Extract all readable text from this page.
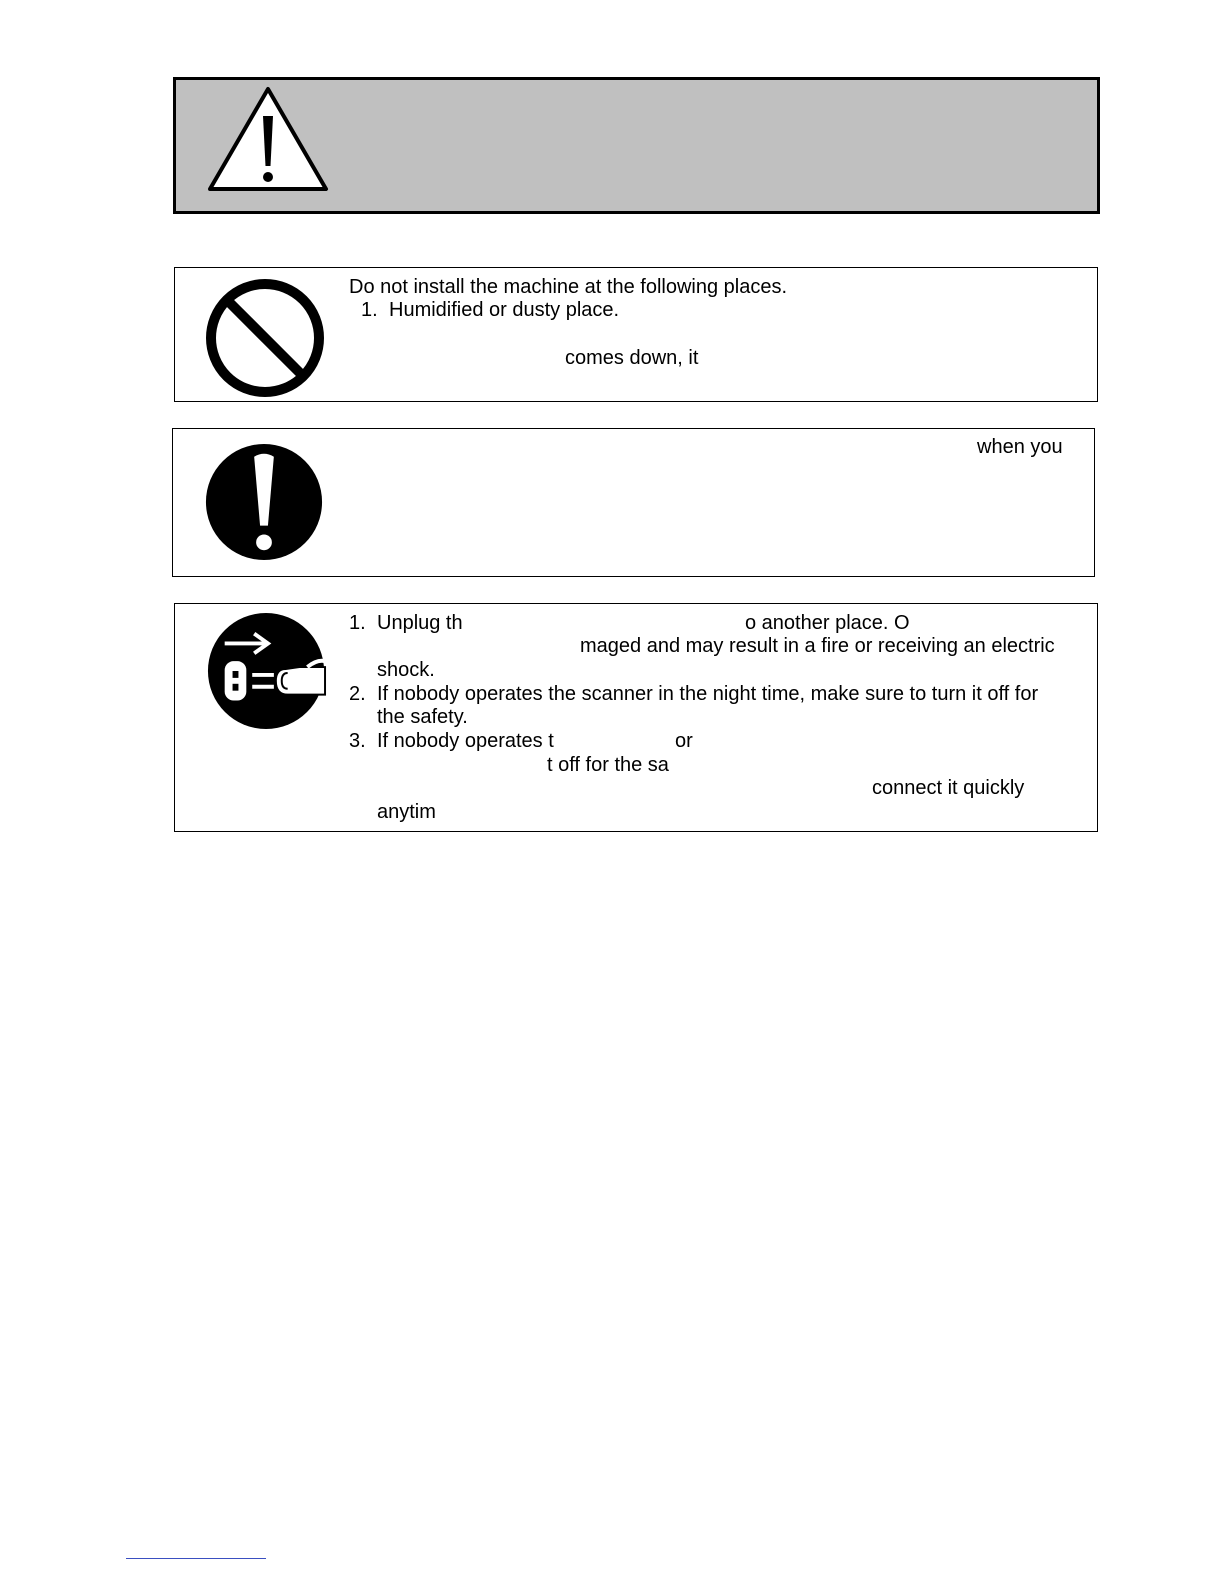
Do not install the machine at the following places.
1. Humidified or dusty place.
comes down, it
when you
1. Unplug th	o another place. O
maged and may result in a fire or receiving an electric
shock.
2. If nobody operates the scanner in the night time, make sure to turn it off for
the safety.
3. If nobody operates t	or
t off for the sa
connect it quickly
anytim
